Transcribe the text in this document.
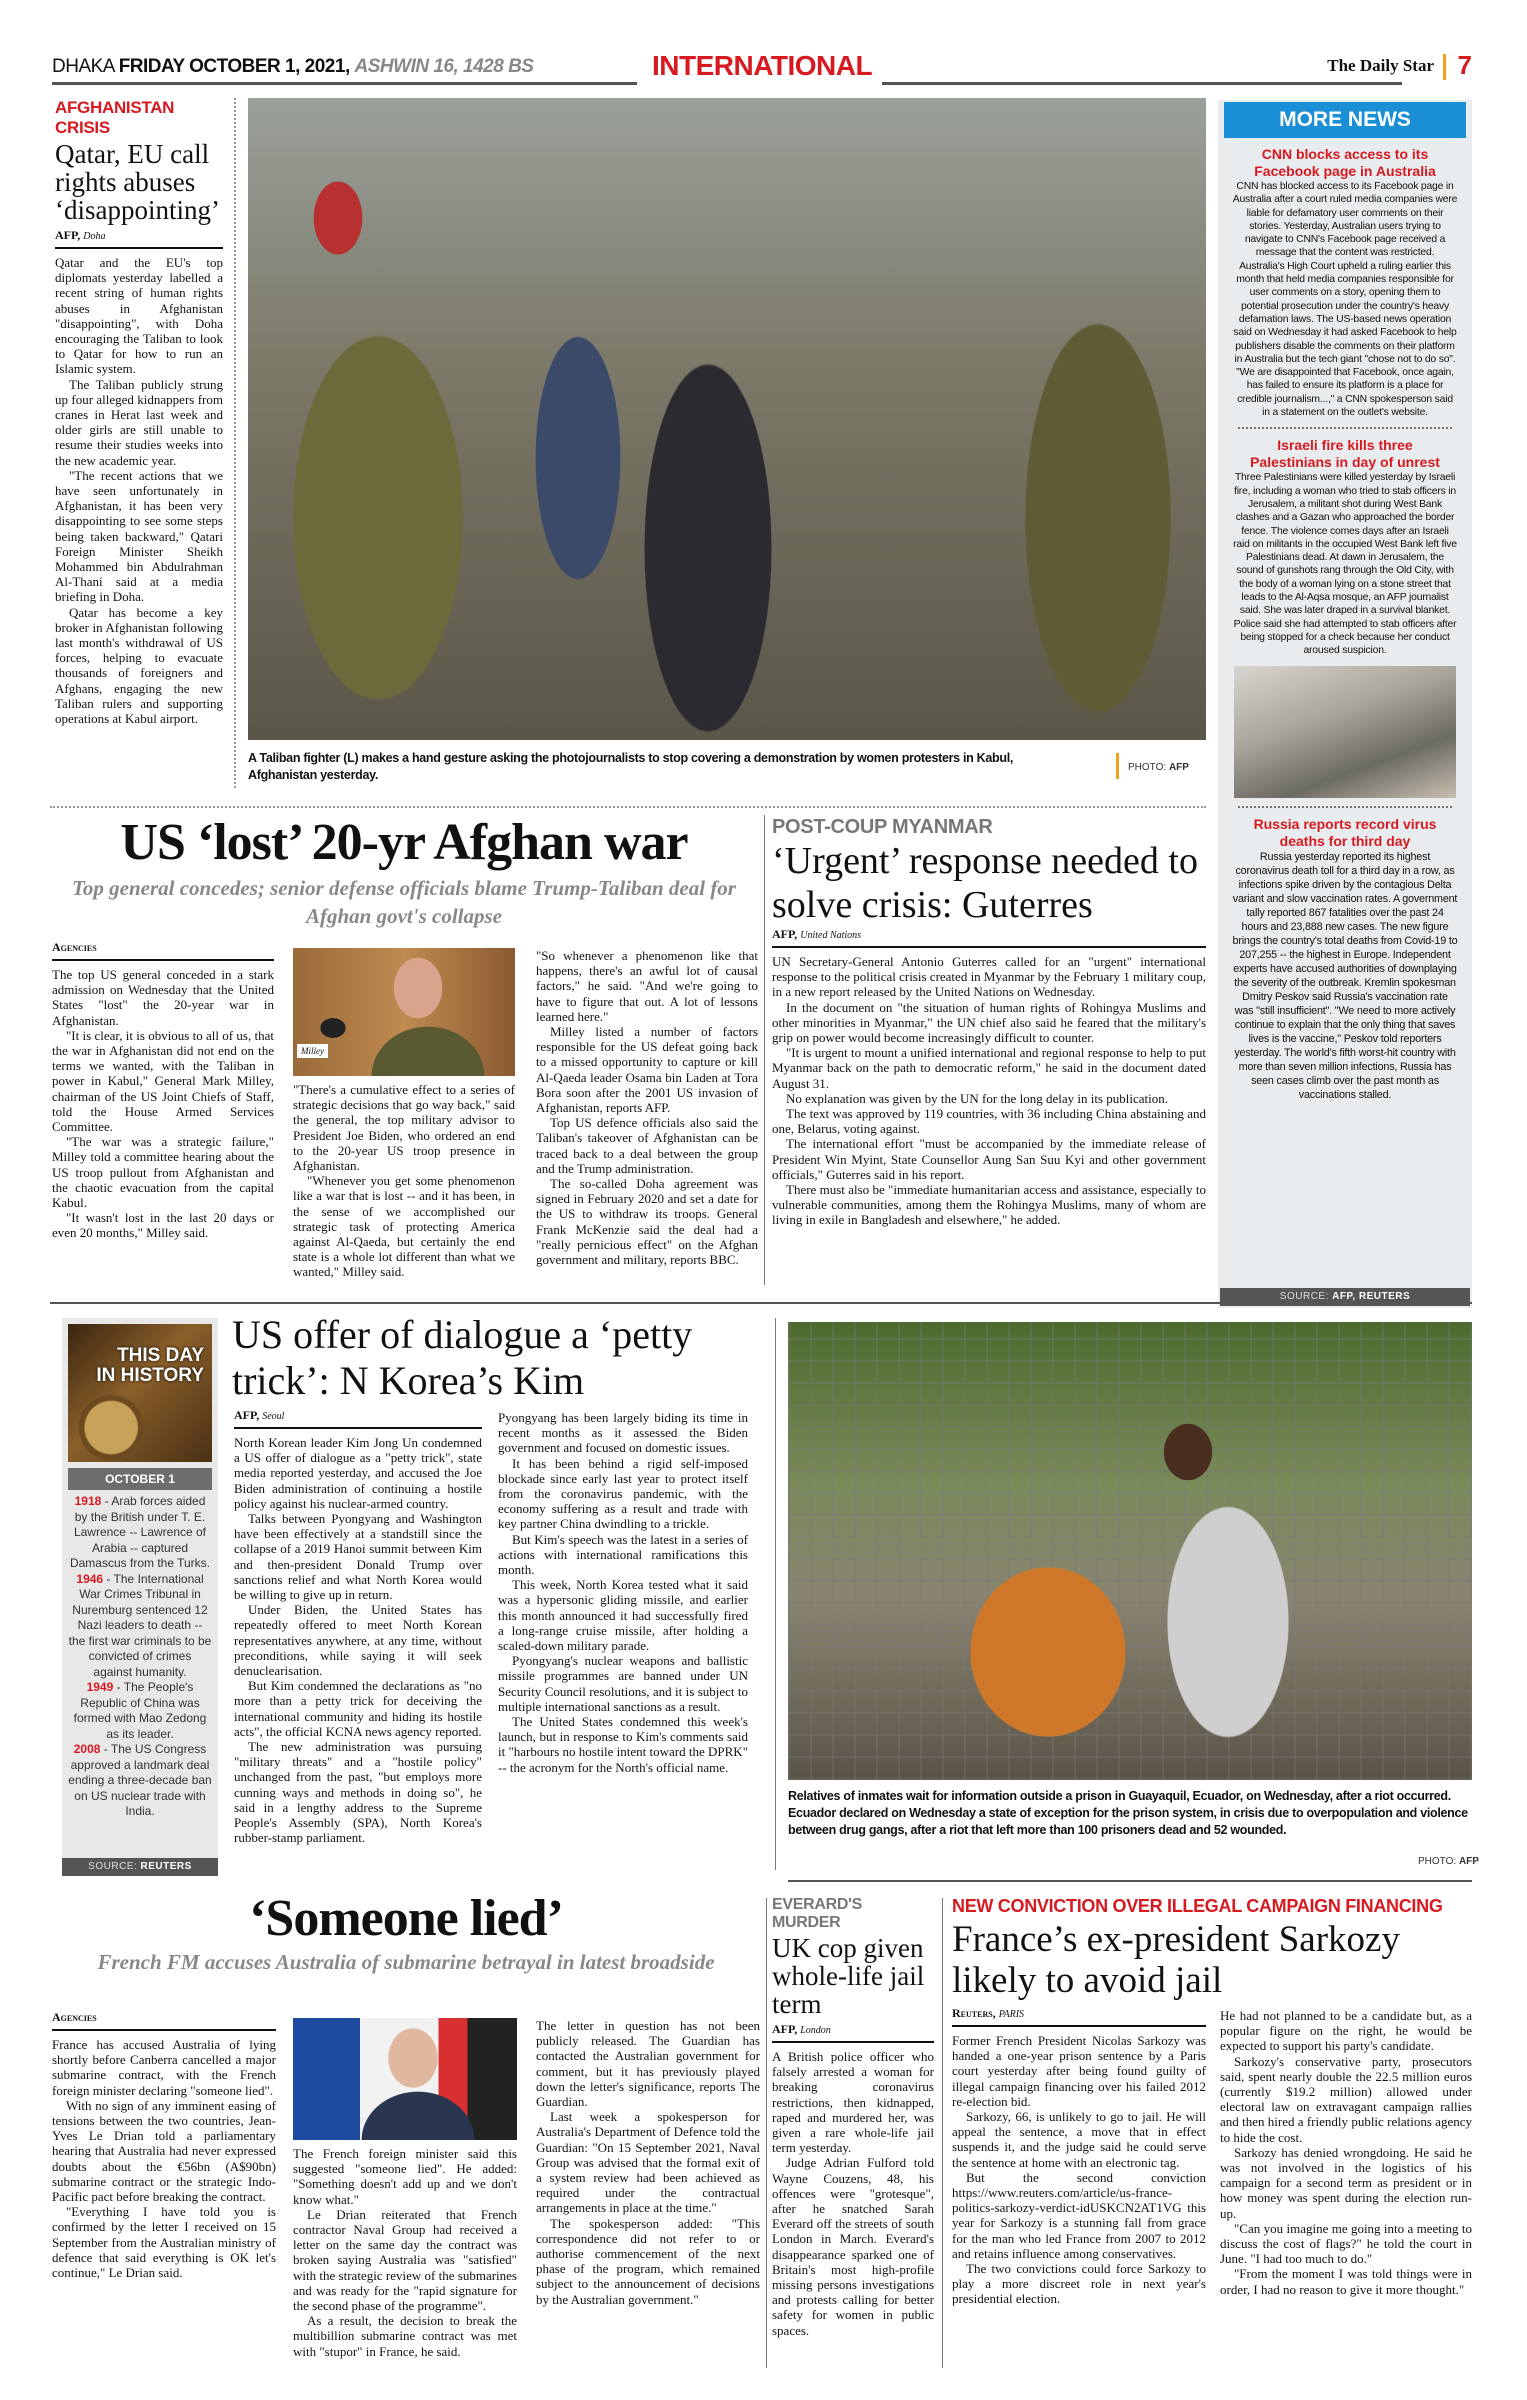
DHAKA FRIDAY OCTOBER 1, 2021, ASHWIN 16, 1428 BS	INTERNATIONAL	The Daily Star 7
AFGHANISTAN CRISIS
Qatar, EU call rights abuses ‘disappointing’
AFP, Doha

Qatar and the EU's top diplomats yesterday labelled a recent string of human rights abuses in Afghanistan "disappointing", with Doha encouraging the Taliban to look to Qatar for how to run an Islamic system.

The Taliban publicly strung up four alleged kidnappers from cranes in Herat last week and older girls are still unable to resume their studies weeks into the new academic year.

"The recent actions that we have seen unfortunately in Afghanistan, it has been very disappointing to see some steps being taken backward," Qatari Foreign Minister Sheikh Mohammed bin Abdulrahman Al-Thani said at a media briefing in Doha.

Qatar has become a key broker in Afghanistan following last month's withdrawal of US forces, helping to evacuate thousands of foreigners and Afghans, engaging the new Taliban rulers and supporting operations at Kabul airport.

A Taliban fighter (L) makes a hand gesture asking the photojournalists to stop covering a demonstration by women protesters in Kabul, Afghanistan yesterday.
PHOTO: AFP
MORE NEWS
CNN blocks access to its Facebook page in Australia
CNN has blocked access to its Facebook page in Australia after a court ruled media companies were liable for defamatory user comments on their stories. Yesterday, Australian users trying to navigate to CNN's Facebook page received a message that the content was restricted. Australia's High Court upheld a ruling earlier this month that held media companies responsible for user comments on a story, opening them to potential prosecution under the country's heavy defamation laws. The US-based news operation said on Wednesday it had asked Facebook to help publishers disable the comments on their platform in Australia but the tech giant "chose not to do so". "We are disappointed that Facebook, once again, has failed to ensure its platform is a place for credible journalism...," a CNN spokesperson said in a statement on the outlet's website.
Israeli fire kills three Palestinians in day of unrest
Three Palestinians were killed yesterday by Israeli fire, including a woman who tried to stab officers in Jerusalem, a militant shot during West Bank clashes and a Gazan who approached the border fence. The violence comes days after an Israeli raid on militants in the occupied West Bank left five Palestinians dead. At dawn in Jerusalem, the sound of gunshots rang through the Old City, with the body of a woman lying on a stone street that leads to the Al-Aqsa mosque, an AFP journalist said. She was later draped in a survival blanket. Police said she had attempted to stab officers after being stopped for a check because her conduct aroused suspicion.
Russia reports record virus deaths for third day
Russia yesterday reported its highest coronavirus death toll for a third day in a row, as infections spike driven by the contagious Delta variant and slow vaccination rates. A government tally reported 867 fatalities over the past 24 hours and 23,888 new cases. The new figure brings the country's total deaths from Covid-19 to 207,255 -- the highest in Europe. Independent experts have accused authorities of downplaying the severity of the outbreak. Kremlin spokesman Dmitry Peskov said Russia's vaccination rate was "still insufficient". "We need to more actively continue to explain that the only thing that saves lives is the vaccine," Peskov told reporters yesterday. The world's fifth worst-hit country with more than seven million infections, Russia has seen cases climb over the past month as vaccinations stalled.
SOURCE: AFP, REUTERS
US ‘lost’ 20-yr Afghan war
Top general concedes; senior defense officials blame Trump-Taliban deal for Afghan govt's collapse
Agencies

The top US general conceded in a stark admission on Wednesday that the United States "lost" the 20-year war in Afghanistan.

"It is clear, it is obvious to all of us, that the war in Afghanistan did not end on the terms we wanted, with the Taliban in power in Kabul," General Mark Milley, chairman of the US Joint Chiefs of Staff, told the House Armed Services Committee.

"The war was a strategic failure," Milley told a committee hearing about the US troop pullout from Afghanistan and the chaotic evacuation from the capital Kabul.

"It wasn't lost in the last 20 days or even 20 months," Milley said.

Milley

"There's a cumulative effect to a series of strategic decisions that go way back," said the general, the top military advisor to President Joe Biden, who ordered an end to the 20-year US troop presence in Afghanistan.

"Whenever you get some phenomenon like a war that is lost -- and it has been, in the sense of we accomplished our strategic task of protecting America against Al-Qaeda, but certainly the end state is a whole lot different than what we wanted," Milley said.

"So whenever a phenomenon like that happens, there's an awful lot of causal factors," he said. "And we're going to have to figure that out. A lot of lessons learned here."

Milley listed a number of factors responsible for the US defeat going back to a missed opportunity to capture or kill Al-Qaeda leader Osama bin Laden at Tora Bora soon after the 2001 US invasion of Afghanistan, reports AFP.

Top US defence officials also said the Taliban's takeover of Afghanistan can be traced back to a deal between the group and the Trump administration.

The so-called Doha agreement was signed in February 2020 and set a date for the US to withdraw its troops. General Frank McKenzie said the deal had a "really pernicious effect" on the Afghan government and military, reports BBC.

POST-COUP MYANMAR
‘Urgent’ response needed to solve crisis: Guterres
AFP, United Nations

UN Secretary-General Antonio Guterres called for an "urgent" international response to the political crisis created in Myanmar by the February 1 military coup, in a new report released by the United Nations on Wednesday.

In the document on "the situation of human rights of Rohingya Muslims and other minorities in Myanmar," the UN chief also said he feared that the military's grip on power would become increasingly difficult to counter.

"It is urgent to mount a unified international and regional response to help to put Myanmar back on the path to democratic reform," he said in the document dated August 31.

No explanation was given by the UN for the long delay in its publication.

The text was approved by 119 countries, with 36 including China abstaining and one, Belarus, voting against.

The international effort "must be accompanied by the immediate release of President Win Myint, State Counsellor Aung San Suu Kyi and other government officials," Guterres said in his report.

There must also be "immediate humanitarian access and assistance, especially to vulnerable communities, among them the Rohingya Muslims, many of whom are living in exile in Bangladesh and elsewhere," he added.

THIS DAY IN HISTORY
OCTOBER 1
1918 - Arab forces aided by the British under T. E. Lawrence -- Lawrence of Arabia -- captured Damascus from the Turks.
1946 - The International War Crimes Tribunal in Nuremburg sentenced 12 Nazi leaders to death -- the first war criminals to be convicted of crimes against humanity.
1949 - The People's Republic of China was formed with Mao Zedong as its leader.
2008 - The US Congress approved a landmark deal ending a three-decade ban on US nuclear trade with India.
SOURCE: REUTERS
US offer of dialogue a ‘petty trick’: N Korea’s Kim
AFP, Seoul

North Korean leader Kim Jong Un condemned a US offer of dialogue as a "petty trick", state media reported yesterday, and accused the Joe Biden administration of continuing a hostile policy against his nuclear-armed country.

Talks between Pyongyang and Washington have been effectively at a standstill since the collapse of a 2019 Hanoi summit between Kim and then-president Donald Trump over sanctions relief and what North Korea would be willing to give up in return.

Under Biden, the United States has repeatedly offered to meet North Korean representatives anywhere, at any time, without preconditions, while saying it will seek denuclearisation.

But Kim condemned the declarations as "no more than a petty trick for deceiving the international community and hiding its hostile acts", the official KCNA news agency reported.

The new administration was pursuing "military threats" and a "hostile policy" unchanged from the past, "but employs more cunning ways and methods in doing so", he said in a lengthy address to the Supreme People's Assembly (SPA), North Korea's rubber-stamp parliament.

Pyongyang has been largely biding its time in recent months as it assessed the Biden government and focused on domestic issues.

It has been behind a rigid self-imposed blockade since early last year to protect itself from the coronavirus pandemic, with the economy suffering as a result and trade with key partner China dwindling to a trickle.

But Kim's speech was the latest in a series of actions with international ramifications this month.

This week, North Korea tested what it said was a hypersonic gliding missile, and earlier this month announced it had successfully fired a long-range cruise missile, after holding a scaled-down military parade.

Pyongyang's nuclear weapons and ballistic missile programmes are banned under UN Security Council resolutions, and it is subject to multiple international sanctions as a result.

The United States condemned this week's launch, but in response to Kim's comments said it "harbours no hostile intent toward the DPRK" -- the acronym for the North's official name.

Relatives of inmates wait for information outside a prison in Guayaquil, Ecuador, on Wednesday, after a riot occurred. Ecuador declared on Wednesday a state of exception for the prison system, in crisis due to overpopulation and violence between drug gangs, after a riot that left more than 100 prisoners dead and 52 wounded.
PHOTO: AFP
‘Someone lied’
French FM accuses Australia of submarine betrayal in latest broadside
Agencies

France has accused Australia of lying shortly before Canberra cancelled a major submarine contract, with the French foreign minister declaring "someone lied".

With no sign of any imminent easing of tensions between the two countries, Jean-Yves Le Drian told a parliamentary hearing that Australia had never expressed doubts about the €56bn (A$90bn) submarine contract or the strategic Indo-Pacific pact before breaking the contract.

"Everything I have told you is confirmed by the letter I received on 15 September from the Australian ministry of defence that said everything is OK let's continue," Le Drian said.

The French foreign minister said this suggested "someone lied". He added: "Something doesn't add up and we don't know what."

Le Drian reiterated that French contractor Naval Group had received a letter on the same day the contract was broken saying Australia was "satisfied" with the strategic review of the submarines and was ready for the "rapid signature for the second phase of the programme".

As a result, the decision to break the multibillion submarine contract was met with "stupor" in France, he said.

The letter in question has not been publicly released. The Guardian has contacted the Australian government for comment, but it has previously played down the letter's significance, reports The Guardian.

Last week a spokesperson for Australia's Department of Defence told the Guardian: "On 15 September 2021, Naval Group was advised that the formal exit of a system review had been achieved as required under the contractual arrangements in place at the time."

The spokesperson added: "This correspondence did not refer to or authorise commencement of the next phase of the program, which remained subject to the announcement of decisions by the Australian government."

EVERARD'S MURDER
UK cop given whole-life jail term
AFP, London

A British police officer who falsely arrested a woman for breaking coronavirus restrictions, then kidnapped, raped and murdered her, was given a rare whole-life jail term yesterday.

Judge Adrian Fulford told Wayne Couzens, 48, his offences were "grotesque", after he snatched Sarah Everard off the streets of south London in March. Everard's disappearance sparked one of Britain's most high-profile missing persons investigations and protests calling for better safety for women in public spaces.

NEW CONVICTION OVER ILLEGAL CAMPAIGN FINANCING
France’s ex-president Sarkozy likely to avoid jail
Reuters, PARIS

Former French President Nicolas Sarkozy was handed a one-year prison sentence by a Paris court yesterday after being found guilty of illegal campaign financing over his failed 2012 re-election bid.

Sarkozy, 66, is unlikely to go to jail. He will appeal the sentence, a move that in effect suspends it, and the judge said he could serve the sentence at home with an electronic tag.

But the second conviction https://www.reuters.com/article/us-france-politics-sarkozy-verdict-idUSKCN2AT1VG this year for Sarkozy is a stunning fall from grace for the man who led France from 2007 to 2012 and retains influence among conservatives.

The two convictions could force Sarkozy to play a more discreet role in next year's presidential election.

He had not planned to be a candidate but, as a popular figure on the right, he would be expected to support his party's candidate.

Sarkozy's conservative party, prosecutors said, spent nearly double the 22.5 million euros (currently $19.2 million) allowed under electoral law on extravagant campaign rallies and then hired a friendly public relations agency to hide the cost.

Sarkozy has denied wrongdoing. He said he was not involved in the logistics of his campaign for a second term as president or in how money was spent during the election run-up.

"Can you imagine me going into a meeting to discuss the cost of flags?" he told the court in June. "I had too much to do."

"From the moment I was told things were in order, I had no reason to give it more thought."
